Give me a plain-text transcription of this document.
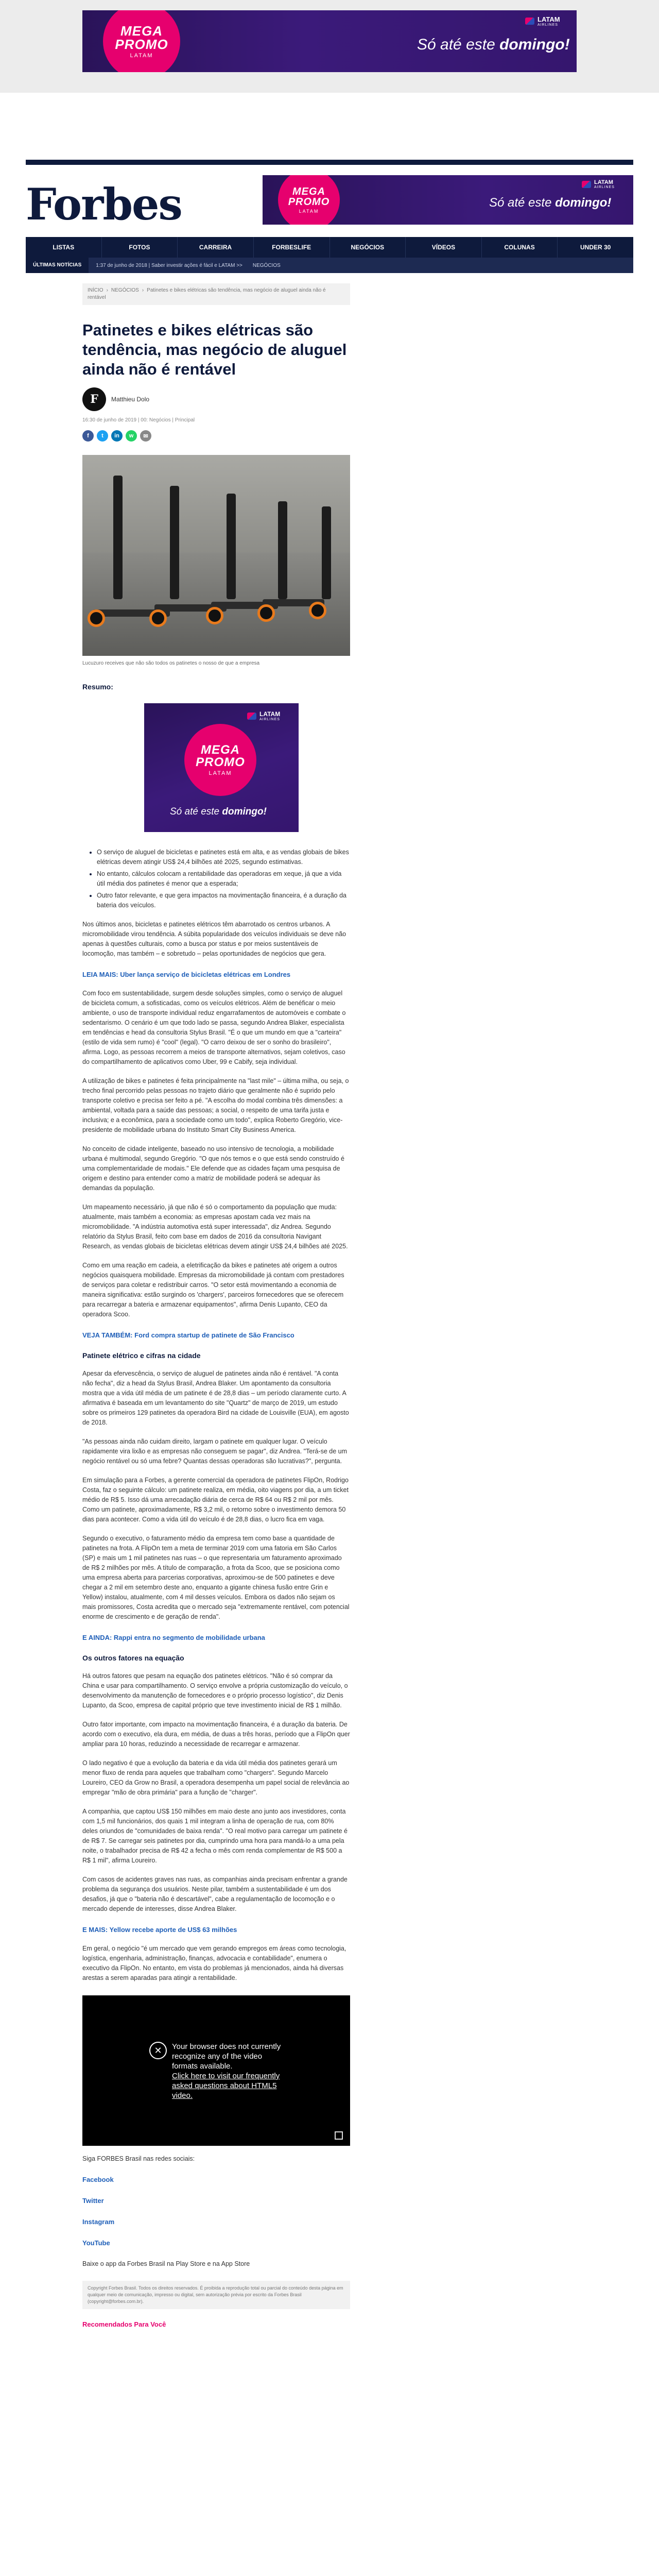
MEGA
PROMO
LATAM
Só até este domingo!
LATAM
AIRLINES
Forbes	MEGA
PROMO
LATAM
Só até este domingo!
LATAM
AIRLINES
LISTAS	FOTOS	CARREIRA	FORBESLIFE	NEGÓCIOS	VÍDEOS	COLUNAS	UNDER 30
ÚLTIMAS NOTÍCIAS	1:37 de junho de 2018 | Saber investir ações é fácil e LATAM >> NEGÓCIOS
INÍCIO › NEGÓCIOS › Patinetes e bikes elétricas são tendência, mas negócio de aluguel ainda não é rentável
Patinetes e bikes elétricas são tendência, mas negócio de aluguel ainda não é rentável
F	Matthieu Dolo
16:30 de junho de 2019 | 00: Negócios | Principal
f	t	in	w	✉
Lucuzuro receives que não são todos os patinetes o nosso de que a empresa
Resumo:
LATAM
AIRLINES
MEGA
PROMO
LATAM
Só até este domingo!
• O serviço de aluguel de bicicletas e patinetes está em alta, e as vendas globais de bikes elétricas devem atingir US$ 24,4 bilhões até 2025, segundo estimativas.
• No entanto, cálculos colocam a rentabilidade das operadoras em xeque, já que a vida útil média dos patinetes é menor que a esperada;
• Outro fator relevante, e que gera impactos na movimentação financeira, é a duração da bateria dos veículos.

Nos últimos anos, bicicletas e patinetes elétricos têm abarrotado os centros urbanos. A micromobilidade virou tendência. A súbita popularidade dos veículos individuais se deve não apenas à questões culturais, como a busca por status e por meios sustentáveis de locomoção, mas também – e sobretudo – pelas oportunidades de negócios que gera.

LEIA MAIS: Uber lança serviço de bicicletas elétricas em Londres

Com foco em sustentabilidade, surgem desde soluções simples, como o serviço de aluguel de bicicleta comum, a sofisticadas, como os veículos elétricos. Além de benéficar o meio ambiente, o uso de transporte individual reduz engarrafamentos de automóveis e combate o sedentarismo. O cenário é um que todo lado se passa, segundo Andrea Blaker, especialista em tendências e head da consultoria Stylus Brasil. "É o que um mundo em que a "carteira" (estilo de vida sem rumo) é "cool" (legal). "O carro deixou de ser o sonho do brasileiro", afirma. Logo, as pessoas recorrem a meios de transporte alternativos, sejam coletivos, caso do compartilhamento de aplicativos como Uber, 99 e Cabify, seja individual.

A utilização de bikes e patinetes é feita principalmente na "last mile" – última milha, ou seja, o trecho final percorrido pelas pessoas no trajeto diário que geralmente não é suprido pelo transporte coletivo e precisa ser feito a pé. "A escolha do modal combina três dimensões: a ambiental, voltada para a saúde das pessoas; a social, o respeito de uma tarifa justa e inclusiva; e a econômica, para a sociedade como um todo", explica Roberto Gregório, vice-presidente de mobilidade urbana do Instituto Smart City Business America.

No conceito de cidade inteligente, baseado no uso intensivo de tecnologia, a mobilidade urbana é multimodal, segundo Gregório. "O que nós temos e o que está sendo construído é uma complementaridade de modais." Ele defende que as cidades façam uma pesquisa de origem e destino para entender como a matriz de mobilidade poderá se adequar às demandas da população.

Um mapeamento necessário, já que não é só o comportamento da população que muda: atualmente, mais também a economia: as empresas apostam cada vez mais na micromobilidade. "A indústria automotiva está super interessada", diz Andrea. Segundo relatório da Stylus Brasil, feito com base em dados de 2016 da consultoria Navigant Research, as vendas globais de bicicletas elétricas devem atingir US$ 24,4 bilhões até 2025.

Como em uma reação em cadeia, a eletrificação da bikes e patinetes até origem a outros negócios quaisquera mobilidade. Empresas da micromobilidade já contam com prestadores de serviços para coletar e redistribuir carros. "O setor está movimentando a economia de maneira significativa: estão surgindo os 'chargers', parceiros fornecedores que se oferecem para recarregar a bateria e armazenar equipamentos", afirma Denis Lupanto, CEO da operadora Scoo.

VEJA TAMBÉM: Ford compra startup de patinete de São Francisco
Patinete elétrico e cifras na cidade

Apesar da efervescência, o serviço de aluguel de patinetes ainda não é rentável. "A conta não fecha", diz a head da Stylus Brasil, Andrea Blaker. Um apontamento da consultoria mostra que a vida útil média de um patinete é de 28,8 dias – um período claramente curto. A afirmativa é baseada em um levantamento do site "Quartz" de março de 2019, um estudo sobre os primeiros 129 patinetes da operadora Bird na cidade de Louisville (EUA), em agosto de 2018.

"As pessoas ainda não cuidam direito, largam o patinete em qualquer lugar. O veículo rapidamente vira lixão e as empresas não conseguem se pagar", diz Andrea. "Terá-se de um negócio rentável ou só uma febre? Quantas dessas operadoras são lucrativas?", pergunta.

Em simulação para a Forbes, a gerente comercial da operadora de patinetes FlipOn, Rodrigo Costa, faz o seguinte cálculo: um patinete realiza, em média, oito viagens por dia, a um ticket médio de R$ 5. Isso dá uma arrecadação diária de cerca de R$ 64 ou R$ 2 mil por mês. Como um patinete, aproximadamente, R$ 3,2 mil, o retorno sobre o investimento demora 50 dias para acontecer. Como a vida útil do veículo é de 28,8 dias, o lucro fica em vaga.

Segundo o executivo, o faturamento médio da empresa tem como base a quantidade de patinetes na frota. A FlipOn tem a meta de terminar 2019 com uma fatoria em São Carlos (SP) e mais um 1 mil patinetes nas ruas – o que representaria um faturamento aproximado de R$ 2 milhões por mês. A título de comparação, a frota da Scoo, que se posiciona como uma empresa aberta para parcerias corporativas, aproximou-se de 500 patinetes e deve chegar a 2 mil em setembro deste ano, enquanto a gigante chinesa fusão entre Grin e Yellow) instalou, atualmente, com 4 mil desses veículos. Embora os dados não sejam os mais promissores, Costa acredita que o mercado seja "extremamente rentável, com potencial enorme de crescimento e de geração de renda".

E AINDA: Rappi entra no segmento de mobilidade urbana
Os outros fatores na equação

Há outros fatores que pesam na equação dos patinetes elétricos. "Não é só comprar da China e usar para compartilhamento. O serviço envolve a própria customização do veículo, o desenvolvimento da manutenção de fornecedores e o próprio processo logístico", diz Denis Lupanto, da Scoo, empresa de capital próprio que teve investimento inicial de R$ 1 milhão.

Outro fator importante, com impacto na movimentação financeira, é a duração da bateria. De acordo com o executivo, ela dura, em média, de duas a três horas, período que a FlipOn quer ampliar para 10 horas, reduzindo a necessidade de recarregar e armazenar.

O lado negativo é que a evolução da bateria e da vida útil média dos patinetes gerará um menor fluxo de renda para aqueles que trabalham como "chargers". Segundo Marcelo Loureiro, CEO da Grow no Brasil, a operadora desempenha um papel social de relevância ao empregar "mão de obra primária" para a função de "charger".

A companhia, que captou US$ 150 milhões em maio deste ano junto aos investidores, conta com 1,5 mil funcionários, dos quais 1 mil integram a linha de operação de rua, com 80% deles oriundos de "comunidades de baixa renda". "O real motivo para carregar um patinete é de R$ 7. Se carregar seis patinetes por dia, cumprindo uma hora para mandá-lo a uma pela noite, o trabalhador precisa de R$ 42 a fecha o mês com renda complementar de R$ 500 a R$ 1 mil", afirma Loureiro.

Com casos de acidentes graves nas ruas, as companhias ainda precisam enfrentar a grande problema da segurança dos usuários. Neste pilar, também a sustentabilidade é um dos desafios, já que o "bateria não é descartável", cabe a regulamentação de locomoção e o mercado depende de interesses, disse Andrea Blaker.

E MAIS: Yellow recebe aporte de US$ 63 milhões

Em geral, o negócio "é um mercado que vem gerando empregos em áreas como tecnologia, logística, engenharia, administração, finanças, advocacia e contabilidade", enumera o executivo da FlipOn. No entanto, em vista do problemas já mencionados, ainda há diversas arestas a serem aparadas para atingir a rentabilidade.

✕	Your browser does not currently recognize any of the video formats available.
Click here to visit our frequently asked questions about HTML5 video.

Siga FORBES Brasil nas redes sociais:

Facebook
Twitter
Instagram
YouTube

Baixe o app da Forbes Brasil na Play Store e na App Store

Copyright Forbes Brasil. Todos os direitos reservados. É proibida a reprodução total ou parcial do conteúdo desta página em qualquer meio de comunicação, impresso ou digital, sem autorização prévia por escrito da Forbes Brasil (copyright@forbes.com.br).
Recomendados Para Você
